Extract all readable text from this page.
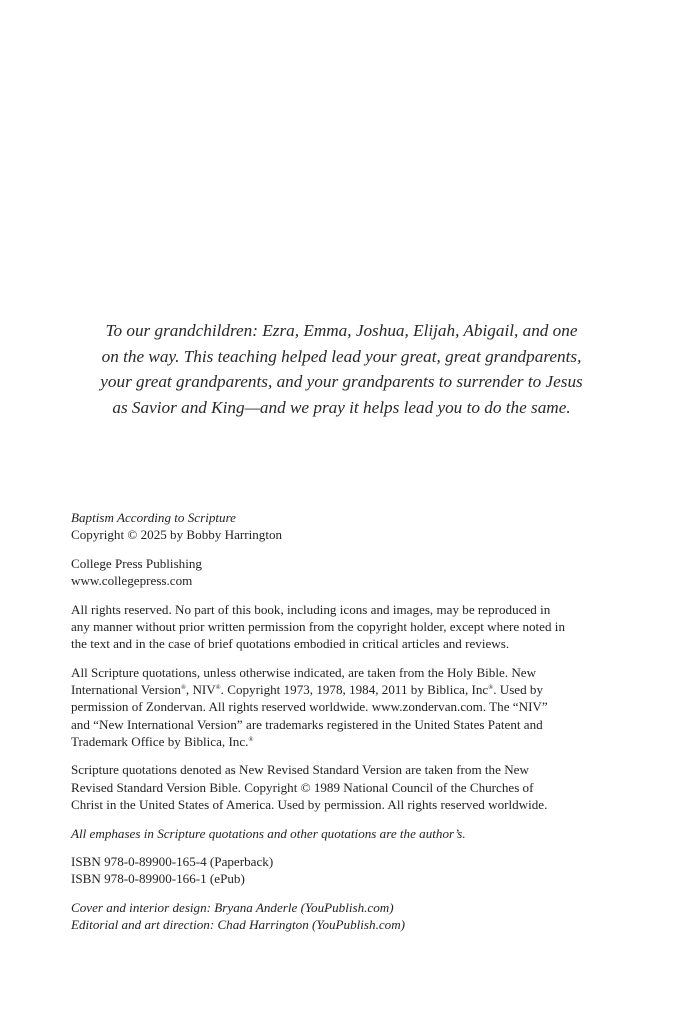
To our grandchildren: Ezra, Emma, Joshua, Elijah, Abigail, and one
on the way. This teaching helped lead your great, great grandparents,
your great grandparents, and your grandparents to surrender to Jesus
as Savior and King—and we pray it helps lead you to do the same.

Baptism According to Scripture
Copyright © 2025 by Bobby Harrington

College Press Publishing
www.collegepress.com

All rights reserved. No part of this book, including icons and images, may be reproduced in
any manner without prior written permission from the copyright holder, except where noted in
the text and in the case of brief quotations embodied in critical articles and reviews.

All Scripture quotations, unless otherwise indicated, are taken from the Holy Bible. New
International Version®, NIV®. Copyright 1973, 1978, 1984, 2011 by Biblica, Inc®. Used by
permission of Zondervan. All rights reserved worldwide. www.zondervan.com. The “NIV”
and “New International Version” are trademarks registered in the United States Patent and
Trademark Office by Biblica, Inc.®

Scripture quotations denoted as New Revised Standard Version are taken from the New
Revised Standard Version Bible. Copyright © 1989 National Council of the Churches of
Christ in the United States of America. Used by permission. All rights reserved worldwide.

All emphases in Scripture quotations and other quotations are the author’s.

ISBN 978-0-89900-165-4 (Paperback)
ISBN 978-0-89900-166-1 (ePub)

Cover and interior design: Bryana Anderle (YouPublish.com)
Editorial and art direction: Chad Harrington (YouPublish.com)
